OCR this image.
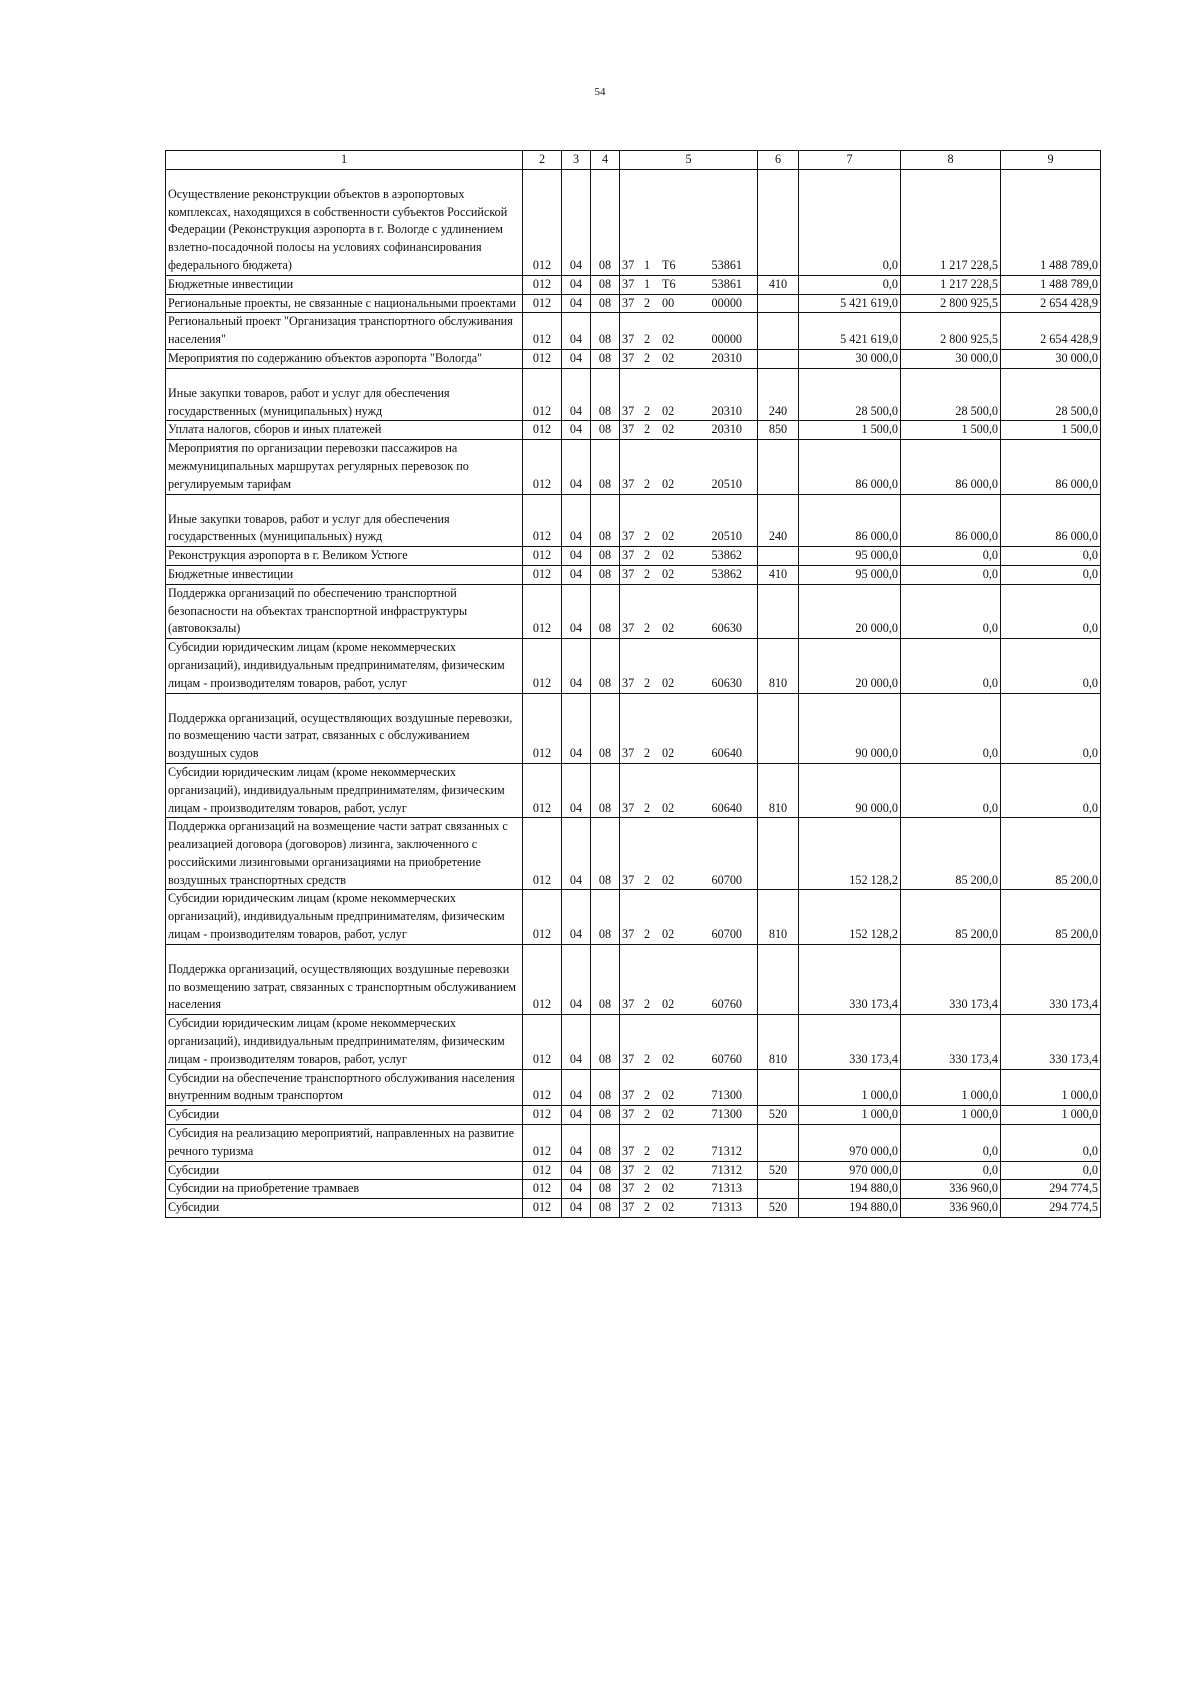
54
1	2	3	4	5	6	7	8	9
Осуществление реконструкции объектов в аэропортовых комплексах, находящихся в собственности субъектов Российской Федерации (Реконструкция аэропорта в г. Вологде с удлинением взлетно-посадочной полосы на условиях софинансирования федерального бюджета)	012	04	08	37 1 Т6 53861		0,0	1 217 228,5	1 488 789,0
Бюджетные инвестиции	012	04	08	37 1 Т6 53861	410	0,0	1 217 228,5	1 488 789,0
Региональные проекты, не связанные с национальными проектами	012	04	08	37 2 00 00000		5 421 619,0	2 800 925,5	2 654 428,9
Региональный проект "Организация транспортного обслуживания населения"	012	04	08	37 2 02 00000		5 421 619,0	2 800 925,5	2 654 428,9
Мероприятия по содержанию объектов аэропорта "Вологда"	012	04	08	37 2 02 20310		30 000,0	30 000,0	30 000,0
Иные закупки товаров, работ и услуг для обеспечения государственных (муниципальных) нужд	012	04	08	37 2 02 20310	240	28 500,0	28 500,0	28 500,0
Уплата налогов, сборов и иных платежей	012	04	08	37 2 02 20310	850	1 500,0	1 500,0	1 500,0
Мероприятия по организации перевозки пассажиров на межмуниципальных маршрутах регулярных перевозок по регулируемым тарифам	012	04	08	37 2 02 20510		86 000,0	86 000,0	86 000,0
Иные закупки товаров, работ и услуг для обеспечения государственных (муниципальных) нужд	012	04	08	37 2 02 20510	240	86 000,0	86 000,0	86 000,0
Реконструкция аэропорта в г. Великом Устюге	012	04	08	37 2 02 53862		95 000,0	0,0	0,0
Бюджетные инвестиции	012	04	08	37 2 02 53862	410	95 000,0	0,0	0,0
Поддержка организаций по обеспечению транспортной безопасности на объектах транспортной инфраструктуры (автовокзалы)	012	04	08	37 2 02 60630		20 000,0	0,0	0,0
Субсидии юридическим лицам (кроме некоммерческих организаций), индивидуальным предпринимателям, физическим лицам - производителям товаров, работ, услуг	012	04	08	37 2 02 60630	810	20 000,0	0,0	0,0
Поддержка организаций, осуществляющих воздушные перевозки, по возмещению части затрат, связанных с обслуживанием воздушных судов	012	04	08	37 2 02 60640		90 000,0	0,0	0,0
Субсидии юридическим лицам (кроме некоммерческих организаций), индивидуальным предпринимателям, физическим лицам - производителям товаров, работ, услуг	012	04	08	37 2 02 60640	810	90 000,0	0,0	0,0
Поддержка организаций на возмещение части затрат связанных с реализацией договора (договоров) лизинга, заключенного с российскими лизинговыми организациями на приобретение воздушных транспортных средств	012	04	08	37 2 02 60700		152 128,2	85 200,0	85 200,0
Субсидии юридическим лицам (кроме некоммерческих организаций), индивидуальным предпринимателям, физическим лицам - производителям товаров, работ, услуг	012	04	08	37 2 02 60700	810	152 128,2	85 200,0	85 200,0
Поддержка организаций, осуществляющих воздушные перевозки по возмещению затрат, связанных с транспортным обслуживанием населения	012	04	08	37 2 02 60760		330 173,4	330 173,4	330 173,4
Субсидии юридическим лицам (кроме некоммерческих организаций), индивидуальным предпринимателям, физическим лицам - производителям товаров, работ, услуг	012	04	08	37 2 02 60760	810	330 173,4	330 173,4	330 173,4
Субсидии на обеспечение транспортного обслуживания населения внутренним водным транспортом	012	04	08	37 2 02 71300		1 000,0	1 000,0	1 000,0
Субсидии	012	04	08	37 2 02 71300	520	1 000,0	1 000,0	1 000,0
Субсидия на реализацию мероприятий, направленных на развитие речного туризма	012	04	08	37 2 02 71312		970 000,0	0,0	0,0
Субсидии	012	04	08	37 2 02 71312	520	970 000,0	0,0	0,0
Субсидии на приобретение трамваев	012	04	08	37 2 02 71313		194 880,0	336 960,0	294 774,5
Субсидии	012	04	08	37 2 02 71313	520	194 880,0	336 960,0	294 774,5
